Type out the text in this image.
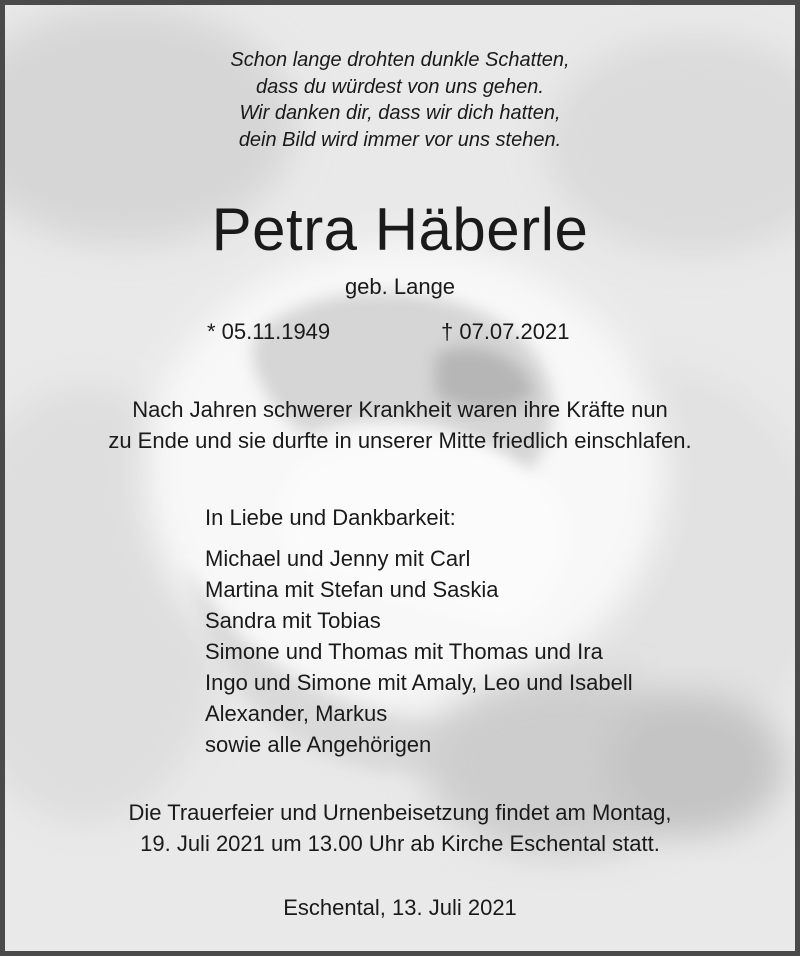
Schon lange drohten dunkle Schatten,
dass du würdest von uns gehen.
Wir danken dir, dass wir dich hatten,
dein Bild wird immer vor uns stehen.
Petra Häberle
geb. Lange
* 05.11.1949	† 07.07.2021
Nach Jahren schwerer Krankheit waren ihre Kräfte nun
zu Ende und sie durfte in unserer Mitte friedlich einschlafen.
In Liebe und Dankbarkeit:
Michael und Jenny mit Carl
Martina mit Stefan und Saskia
Sandra mit Tobias
Simone und Thomas mit Thomas und Ira
Ingo und Simone mit Amaly, Leo und Isabell
Alexander, Markus
sowie alle Angehörigen
Die Trauerfeier und Urnenbeisetzung findet am Montag,
19. Juli 2021 um 13.00 Uhr ab Kirche Eschental statt.
Eschental, 13. Juli 2021
